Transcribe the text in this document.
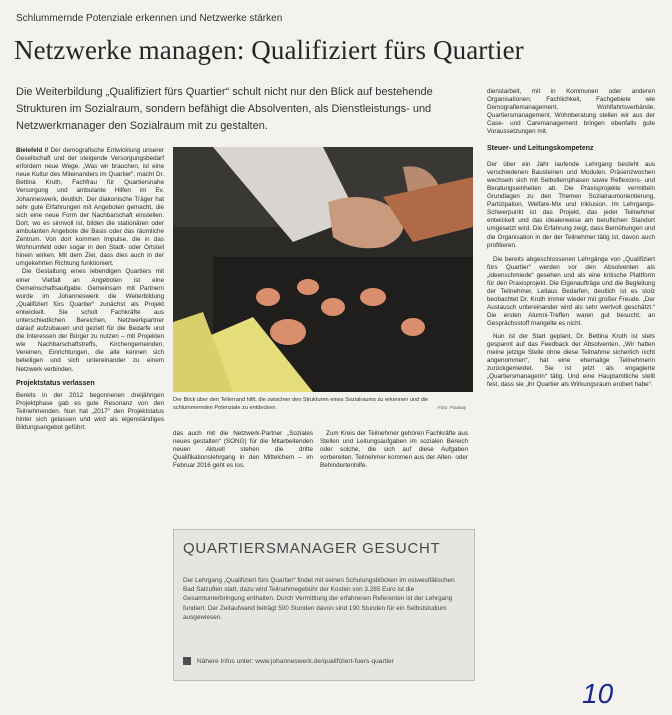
Schlummernde Potenziale erkennen und Netzwerke stärken
Netzwerke managen: Qualifiziert fürs Quartier
Die Weiterbildung „Qualifiziert fürs Quartier“ schult nicht nur den Blick auf bestehende Strukturen im Sozialraum, sondern befähigt die Absolventen, als Dienstleistungs- und Netzwerkmanager den Sozialraum mit zu gestalten.

Bielefeld // Der demografische Entwicklung unserer Gesellschaft und der steigende Versorgungsbedarf erfordern neue Wege. „Was wir brauchen, ist eine neue Kultur des Miteinanders im Quartier“, macht Dr. Bettina Kruth, Fachfrau für Quartiersnahe Versorgung und ambulante Hilfen im Ev. Johanneswerk, deutlich. Der diakonische Träger hat sehr gute Erfahrungen mit Angeboten gemacht, die sich eine neue Form der Nachbarschaft einstellen. Dort, wo es sinnvoll ist, bilden die stationären oder ambulanten Angebote die Basis oder das räumliche Zentrum. Von dort kommen Impulse, die in das Wohnumfeld oder sogar in den Stadt- oder Ortsteil hinein wirken. Mit dem Ziel, dass dies auch in der umgekehrten Richtung funktioniert.

Die Gestaltung eines lebendigen Quartiers mit einer Vielfalt an Angeboten ist eine Gemeinschaftsaufgabe. Gemeinsam mit Partnern wurde im Johanneswerk die Weiterbildung „Qualifiziert fürs Quartier“ zunächst als Projekt entwickelt. Sie schult Fachkräfte aus unterschiedlichen Bereichen, Netzwerkpartner darauf aufzubauen und gezielt für die Bedarfe und die Interessen der Bürger zu nutzen – mit Projekten wie Nachbarschaftstreffs, Kirchengemeinden, Vereinen, Einrichtungen, die alle kennen sich beteiligen und sich untereinander zu einem Netzwerk verbinden.

Projektstatus verlassen

Bereits in der 2012 begonnenen dreijährigen Projektphase gab es gute Resonanz von den Teilnehmenden. Nun hat „2017“ den Projektstatus hinter sich gelassen und wird als eigenständiges Bildungsangebot geführt.

Der Blick über den Tellerrand hilft, die zwischen den Strukturen eines Sozialraums zu erkennen und die schlummernden Potenziale zu entdecken.	Foto: Pixabay

das auch mit die Netzwerk-Partner „Soziales neues gestalten“ (SONG) für die Mitarbeitenden neuen Aktuell stehen die dritte Qualifikationslehrgang in den Mittelchem – im Februar 2016 geht es los.

Zum Kreis der Teilnehmer gehören Fachkräfte aus Stellen und Leitungsaufgaben im sozialen Bereich oder solche, die sich auf diese Aufgaben vorbereiten. Teilnehmer kommen aus der Alten- oder Behindertenhilfe.

QUARTIERSMANAGER GESUCHT
Der Lehrgang „Qualifiziert fürs Quartier“ findet mit seinen Schulungsblöcken im ostwestfälischen Bad Salzuflen statt, dazu wird Teilnahmegebühr der Kosten von 3.285 Euro ist die Gesamtunterbringung enthalten. Durch Vermittlung der erfahrenen Referenten ist der Lehrgang fundiert. Der Zeitaufwand beträgt 500 Stunden davon sind 190 Stunden für ein Selbststudium ausgewiesen.
Nähere Infos unter: www.johanneswerk.de/qualifiziert-fuers-quartier

dienstarbeit, mit in Kommunen oder anderen Organisationen; Fachlichkeit, Fachgebiete wie Demografiemanagement, Wohlfahrtsverbände, Quartiersmanagement, Wohnberatung stellen wir aus der Case- und Caremanagement bringen ebenfalls gute Voraussetzungen mit.

Steuer- und Leitungskompetenz

Der über ein Jahr laufende Lehrgang besteht aus verschiedenen Bausteinen und Modulen. Präsenzwochen wechseln sich mit Selbstlernphasen sowie Reflexions- und Beratungseinheiten ab. Die Praxisprojekte vermitteln Grundlagen zu den Themen Sozialraumorientierung, Partizipation, Welfare-Mix und Inklusion. Im Lehrgangs-Schwerpunkt ist das Projekt, das jeder Teilnehmer entwickelt und das idealerweise am beruflichen Standort umgesetzt wird. Die Erfahrung zeigt, dass Bemühungen und die Organisation in der der Teilnehmer tätig ist, davon auch profitieren.

Die bereits abgeschlossenen Lehrgänge von „Qualifiziert fürs Quartier“ werden vor den Absolventen als „ideenschmiede“ gesehen und als eine kritische Plattform für den Praxisprojekt. Die Eigenaufträge und die Begleitung der Teilnehmer, Leitaus Bedarfen, deutlich ist es stolz beobachtet Dr. Kruth immer wieder mit großer Freude. „Der Austausch untereinander wird als sehr wertvoll geschätzt.“ Die ersten Alumni-Treffen waren gut besucht, an Gesprächsstoff mangelte es nicht.

Nun ist der Start geplant, Dr. Bettina Kruth ist stets gespannt auf das Feedback der Absolventen, „Wir hatten meine jetzige Stelle ohne diese Teilnahme sicherlich nicht angenommen“, hat eine ehemalige Teilnehmerin zurückgemeldet. Sie ist jetzt als engagierte „Quartiersmanagerin“ tätig. Und eine Hauptamtliche stellt fest, dass sie „ihr Quartier als Wirkungsraum erobert habe“.

10
